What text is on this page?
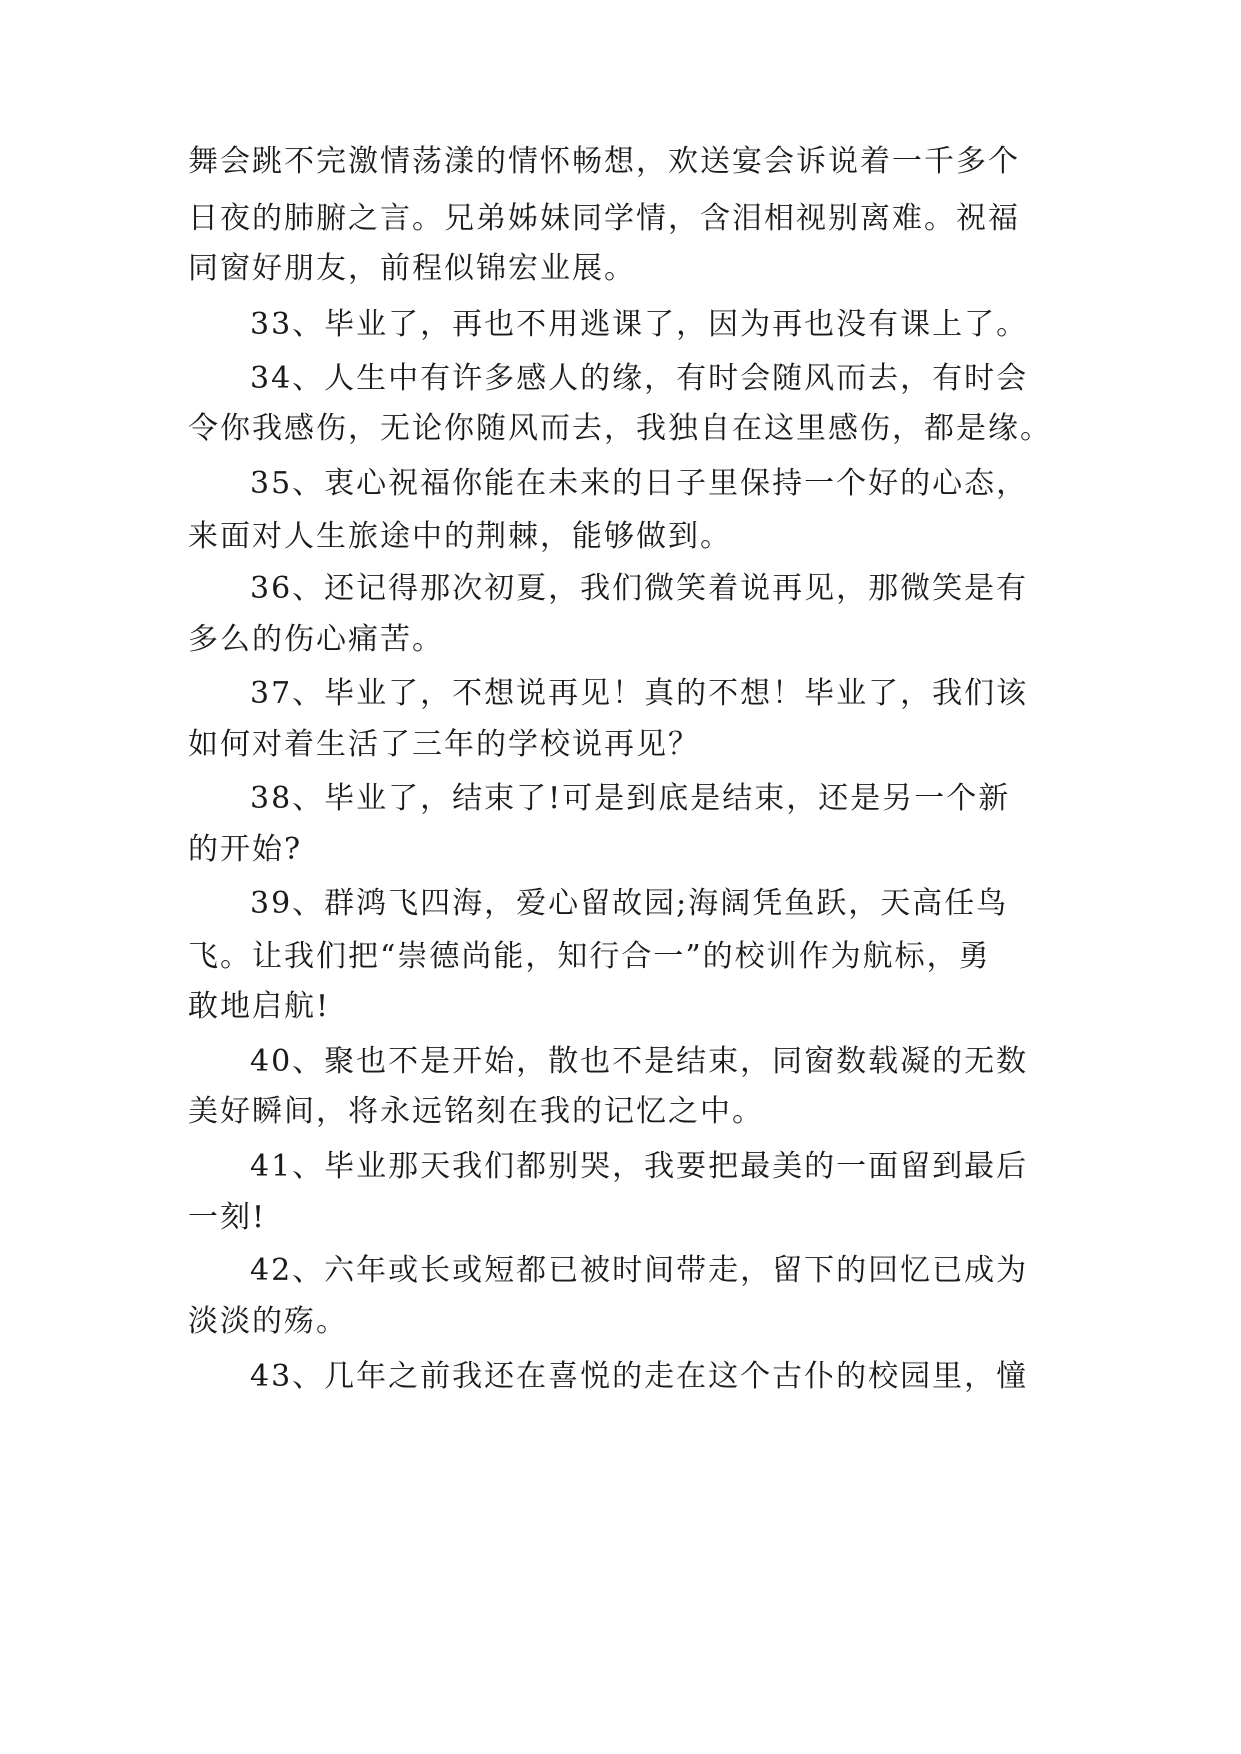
舞会跳不完激情荡漾的情怀畅想，欢送宴会诉说着一千多个
日夜的肺腑之言。兄弟姊妹同学情，含泪相视别离难。祝福
同窗好朋友，前程似锦宏业展。
33、毕业了，再也不用逃课了，因为再也没有课上了。
34、人生中有许多感人的缘，有时会随风而去，有时会
令你我感伤，无论你随风而去，我独自在这里感伤，都是缘。
35、衷心祝福你能在未来的日子里保持一个好的心态，
来面对人生旅途中的荆棘，能够做到。
36、还记得那次初夏，我们微笑着说再见，那微笑是有
多么的伤心痛苦。
37、毕业了，不想说再见！真的不想！毕业了，我们该
如何对着生活了三年的学校说再见？
38、毕业了，结束了!可是到底是结束，还是另一个新
的开始?
39、群鸿飞四海，爱心留故园;海阔凭鱼跃，天高任鸟
飞。让我们把“崇德尚能，知行合一”的校训作为航标，勇
敢地启航!
40、聚也不是开始，散也不是结束，同窗数载凝的无数
美好瞬间，将永远铭刻在我的记忆之中。
41、毕业那天我们都别哭，我要把最美的一面留到最后
一刻!
42、六年或长或短都已被时间带走，留下的回忆已成为
淡淡的殇。
43、几年之前我还在喜悦的走在这个古仆的校园里，憧
